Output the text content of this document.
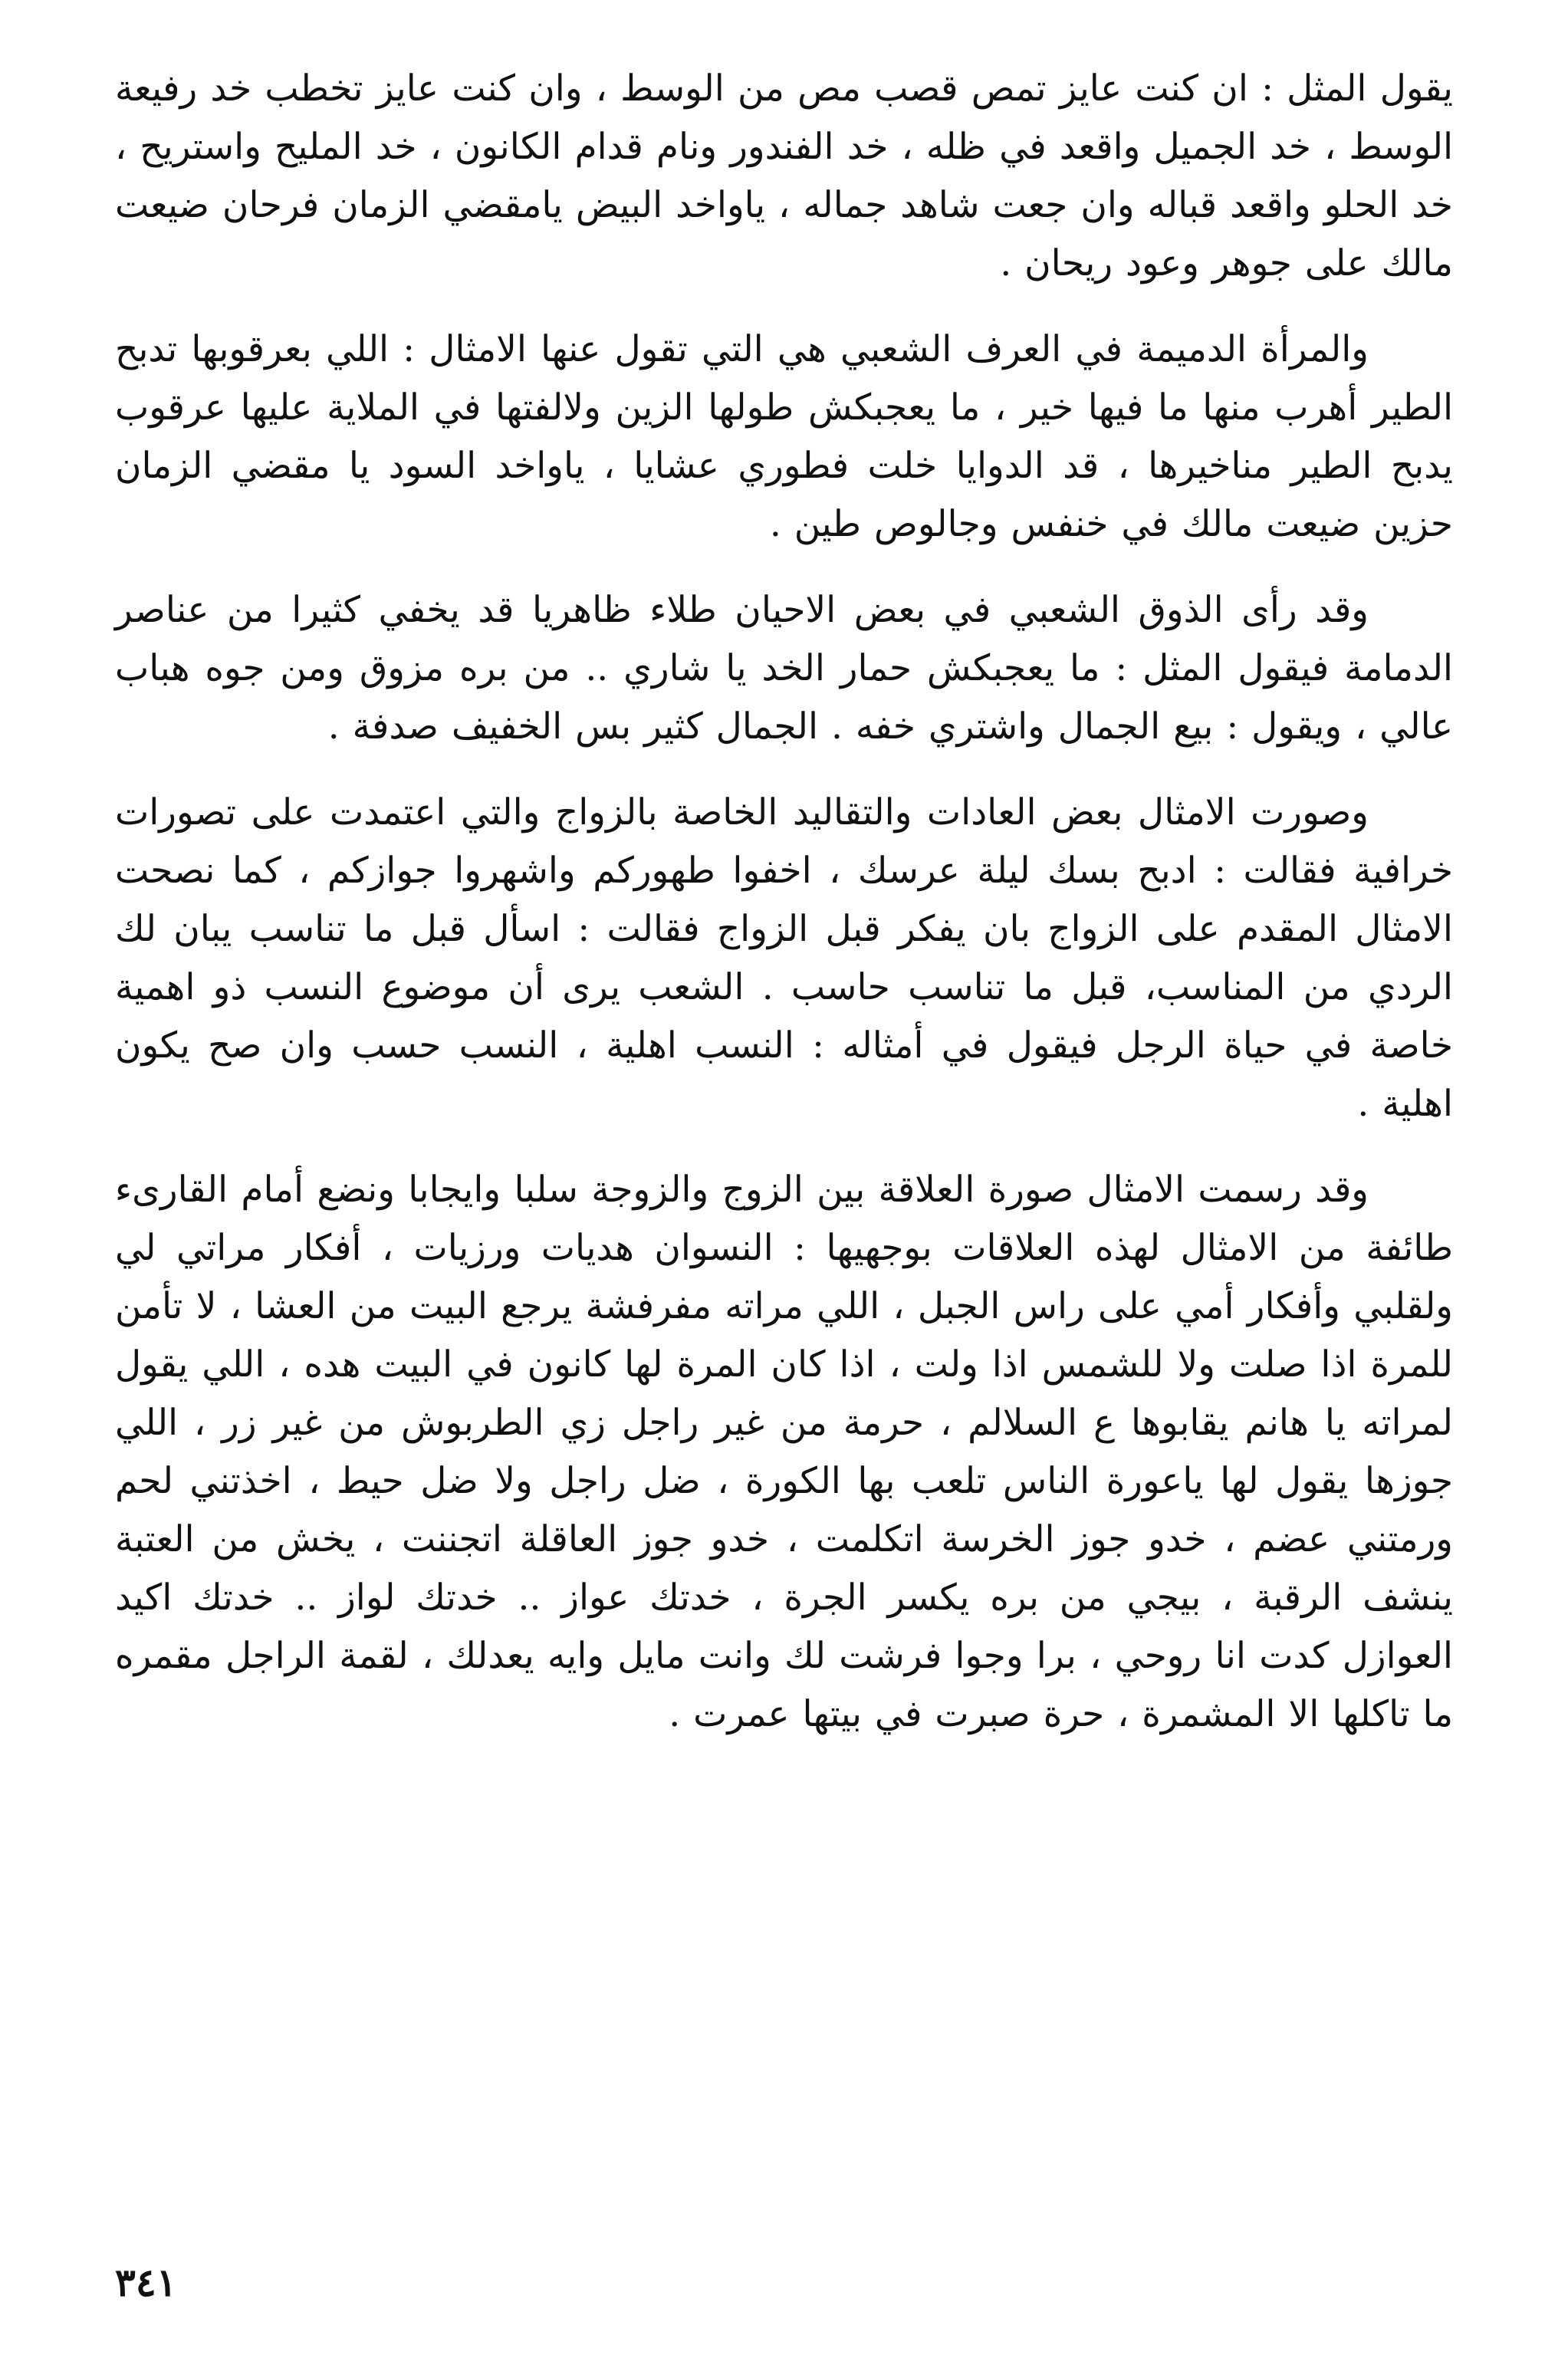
يقول المثل : ان كنت عايز تمص قصب مص من الوسط ، وان كنت عايز تخطب خد رفيعة الوسط ، خد الجميل واقعد في ظله ، خد الفندور ونام قدام الكانون ، خد المليح واستريح ، خد الحلو واقعد قباله وان جعت شاهد جماله ، ياواخد البيض يامقضي الزمان فرحان ضيعت مالك على جوهر وعود ريحان .

والمرأة الدميمة في العرف الشعبي هي التي تقول عنها الامثال : اللي بعرقوبها تدبح الطير أهرب منها ما فيها خير ، ما يعجبكش طولها الزين ولالفتها في الملاية عليها عرقوب يدبح الطير مناخيرها ، قد الدوايا خلت فطوري عشايا ، ياواخد السود يا مقضي الزمان حزين ضيعت مالك في خنفس وجالوص طين .

وقد رأى الذوق الشعبي في بعض الاحيان طلاء ظاهريا قد يخفي كثيرا من عناصر الدمامة فيقول المثل : ما يعجبكش حمار الخد يا شاري .. من بره مزوق ومن جوه هباب عالي ، ويقول : بيع الجمال واشتري خفه . الجمال كثير بس الخفيف صدفة .

وصورت الامثال بعض العادات والتقاليد الخاصة بالزواج والتي اعتمدت على تصورات خرافية فقالت : ادبح بسك ليلة عرسك ، اخفوا طهوركم واشهروا جوازكم ، كما نصحت الامثال المقدم على الزواج بان يفكر قبل الزواج فقالت : اسأل قبل ما تناسب يبان لك الردي من المناسب، قبل ما تناسب حاسب . الشعب يرى أن موضوع النسب ذو اهمية خاصة في حياة الرجل فيقول في أمثاله : النسب اهلية ، النسب حسب وان صح يكون اهلية .

وقد رسمت الامثال صورة العلاقة بين الزوج والزوجة سلبا وايجابا ونضع أمام القارىء طائفة من الامثال لهذه العلاقات بوجهيها : النسوان هديات ورزيات ، أفكار مراتي لي ولقلبي وأفكار أمي على راس الجبل ، اللي مراته مفرفشة يرجع البيت من العشا ، لا تأمن للمرة اذا صلت ولا للشمس اذا ولت ، اذا كان المرة لها كانون في البيت هده ، اللي يقول لمراته يا هانم يقابوها ع السلالم ، حرمة من غير راجل زي الطربوش من غير زر ، اللي جوزها يقول لها ياعورة الناس تلعب بها الكورة ، ضل راجل ولا ضل حيط ، اخذتني لحم ورمتني عضم ، خدو جوز الخرسة اتكلمت ، خدو جوز العاقلة اتجننت ، يخش من العتبة ينشف الرقبة ، بيجي من بره يكسر الجرة ، خدتك عواز .. خدتك لواز .. خدتك اكيد العوازل كدت انا روحي ، برا وجوا فرشت لك وانت مايل وايه يعدلك ، لقمة الراجل مقمره ما تاكلها الا المشمرة ، حرة صبرت في بيتها عمرت .

٣٤١
